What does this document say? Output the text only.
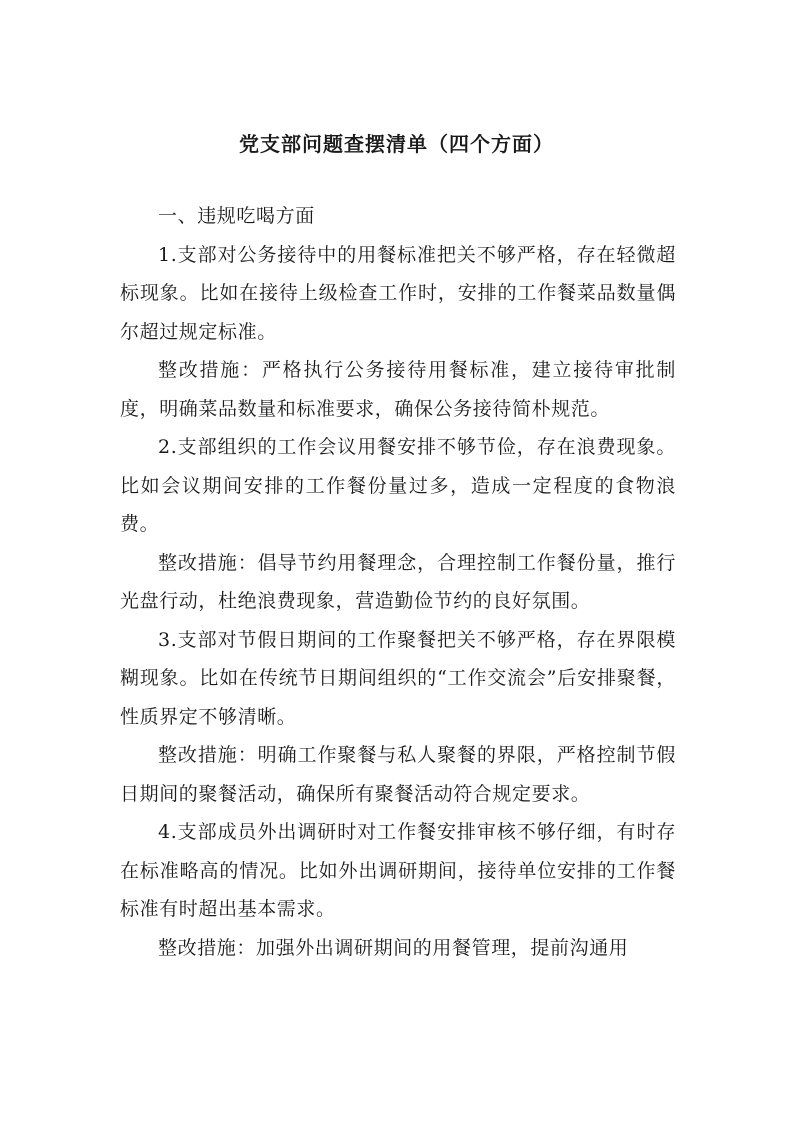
党支部问题查摆清单（四个方面）

一、违规吃喝方面

1.支部对公务接待中的用餐标准把关不够严格，存在轻微超标现象。比如在接待上级检查工作时，安排的工作餐菜品数量偶尔超过规定标准。

整改措施：严格执行公务接待用餐标准，建立接待审批制度，明确菜品数量和标准要求，确保公务接待简朴规范。

2.支部组织的工作会议用餐安排不够节俭，存在浪费现象。比如会议期间安排的工作餐份量过多，造成一定程度的食物浪费。

整改措施：倡导节约用餐理念，合理控制工作餐份量，推行光盘行动，杜绝浪费现象，营造勤俭节约的良好氛围。

3.支部对节假日期间的工作聚餐把关不够严格，存在界限模糊现象。比如在传统节日期间组织的“工作交流会”后安排聚餐，性质界定不够清晰。

整改措施：明确工作聚餐与私人聚餐的界限，严格控制节假日期间的聚餐活动，确保所有聚餐活动符合规定要求。

4.支部成员外出调研时对工作餐安排审核不够仔细，有时存在标准略高的情况。比如外出调研期间，接待单位安排的工作餐标准有时超出基本需求。

整改措施：加强外出调研期间的用餐管理，提前沟通用
